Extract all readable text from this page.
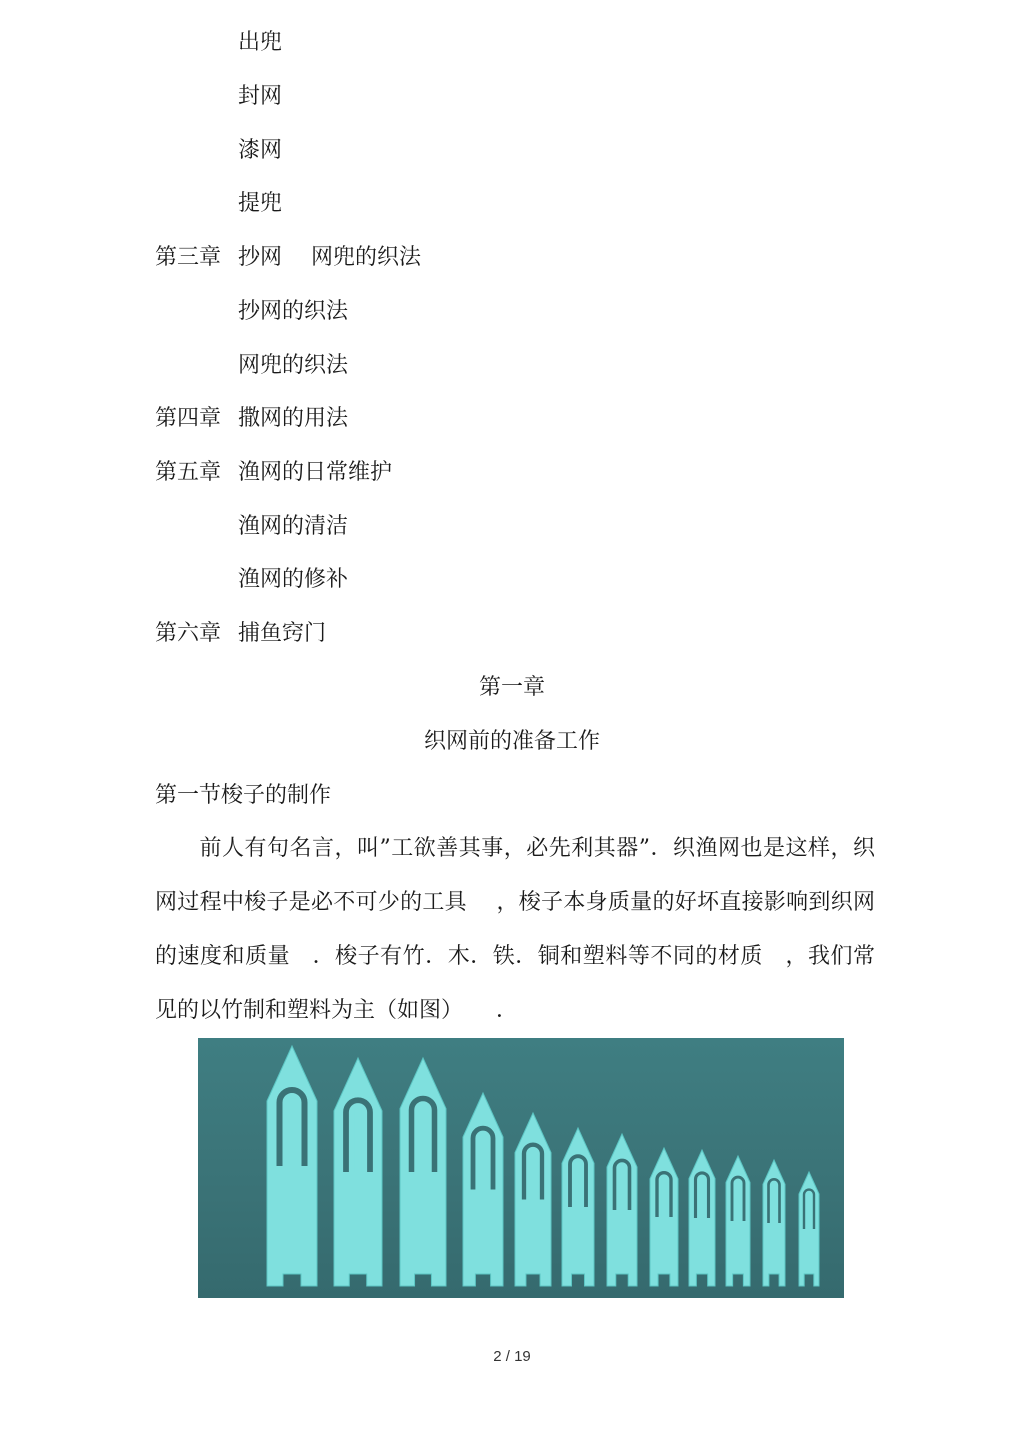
出兜
封网
漆网
提兜
第三章 抄网　 网兜的织法
抄网的织法
网兜的织法
第四章 撒网的用法
第五章 渔网的日常维护
渔网的清洁
渔网的修补
第六章 捕鱼窍门
第一章
织网前的准备工作
第一节梭子的制作
前人有句名言，叫”工欲善其事，必先利其器”．织渔网也是这样，织网过程中梭子是必不可少的工具　 ，梭子本身质量的好坏直接影响到织网的速度和质量　．梭子有竹．木．铁．铜和塑料等不同的材质　，我们常见的以竹制和塑料为主（如图）　　．
2 / 19
